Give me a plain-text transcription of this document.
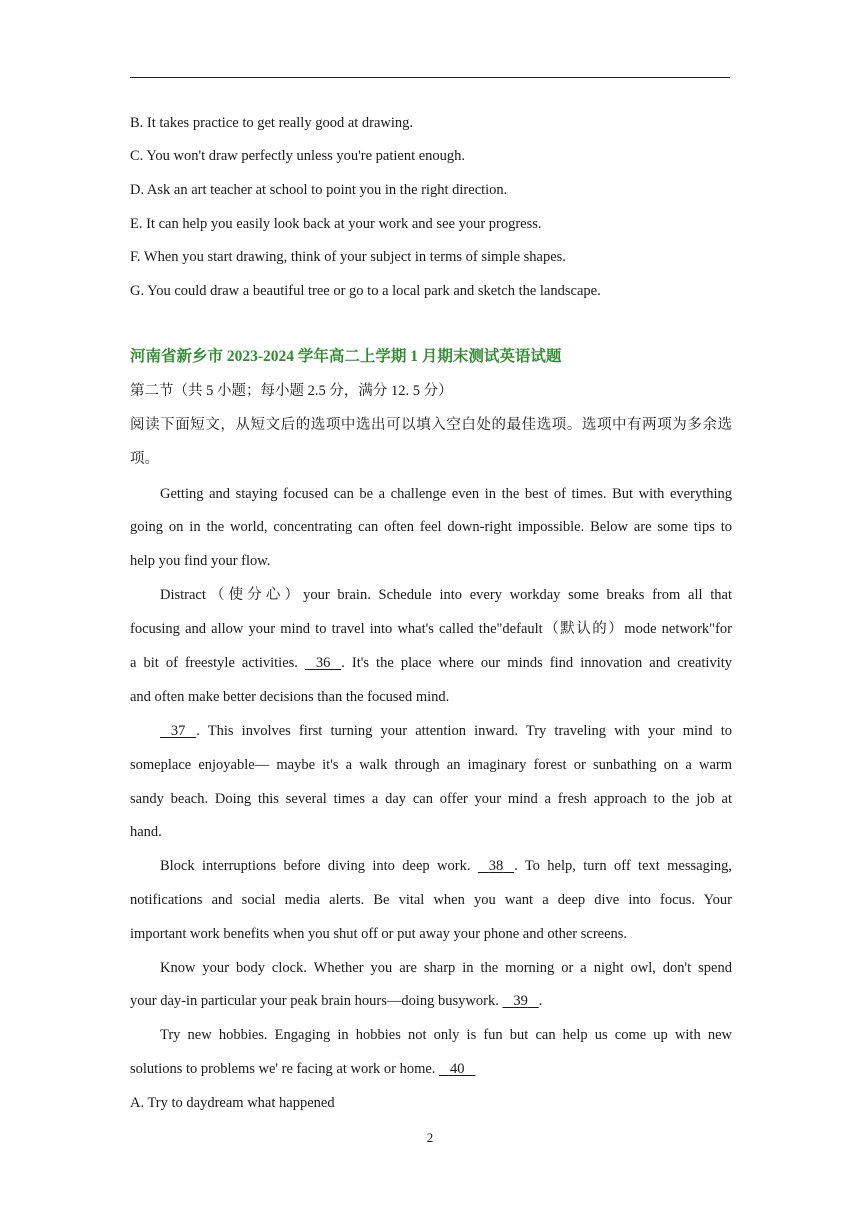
B. It takes practice to get really good at drawing.
C. You won't draw perfectly unless you're patient enough.
D. Ask an art teacher at school to point you in the right direction.
E. It can help you easily look back at your work and see your progress.
F. When you start drawing, think of your subject in terms of simple shapes.
G. You could draw a beautiful tree or go to a local park and sketch the landscape.
河南省新乡市 2023-2024 学年高二上学期 1 月期末测试英语试题
第二节（共 5 小题；每小题 2.5 分，满分 12. 5 分）
阅读下面短文，从短文后的选项中选出可以填入空白处的最佳选项。选项中有两项为多余选
项。
Getting and staying focused can be a challenge even in the best of times. But with everything
going on in the world, concentrating can often feel down-right impossible. Below are some tips to
help you find your flow.
Distract（使分心）your brain. Schedule into every workday some breaks from all that
focusing and allow your mind to travel into what's called the"default（默认的）mode network"for
a bit of freestyle activities. 36 . It's the place where our minds find innovation and creativity
and often make better decisions than the focused mind.
37 . This involves first turning your attention inward. Try traveling with your mind to
someplace enjoyable— maybe it's a walk through an imaginary forest or sunbathing on a warm
sandy beach. Doing this several times a day can offer your mind a fresh approach to the job at
hand.
Block interruptions before diving into deep work. 38 . To help, turn off text messaging,
notifications and social media alerts. Be vital when you want a deep dive into focus. Your
important work benefits when you shut off or put away your phone and other screens.
Know your body clock. Whether you are sharp in the morning or a night owl, don't spend
your day-in particular your peak brain hours—doing busywork. 39 .
Try new hobbies. Engaging in hobbies not only is fun but can help us come up with new
solutions to problems we' re facing at work or home. 40
A. Try to daydream what happened
2
